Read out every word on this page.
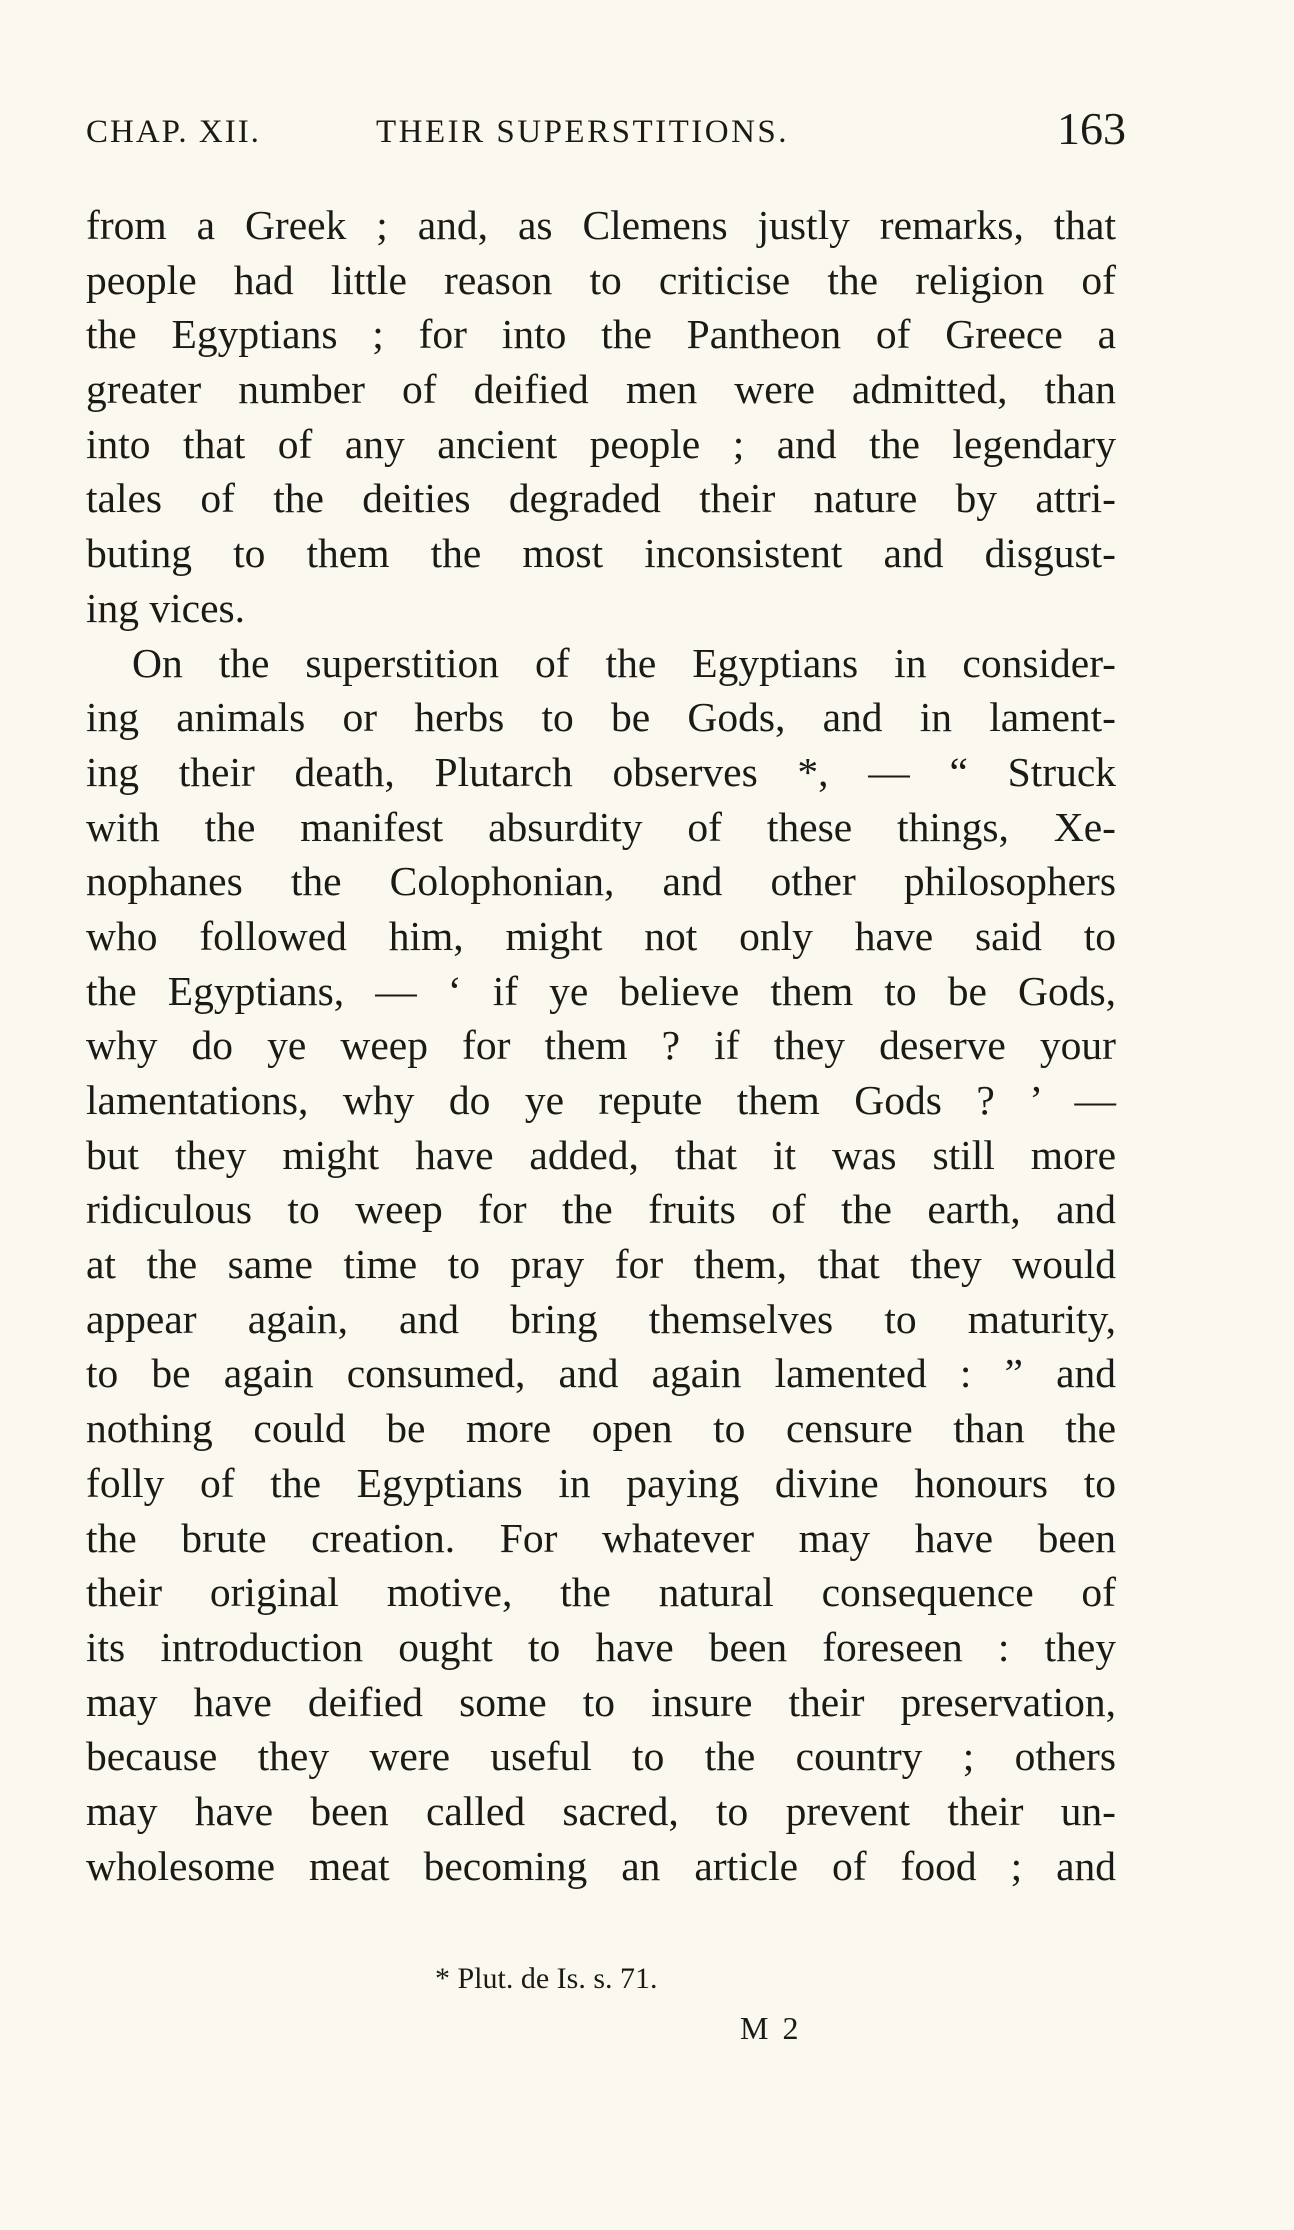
CHAP. XII.	THEIR SUPERSTITIONS.	163
from a Greek ; and, as Clemens justly remarks, that
people had little reason to criticise the religion of
the Egyptians ; for into the Pantheon of Greece a
greater number of deified men were admitted, than
into that of any ancient people ; and the legendary
tales of the deities degraded their nature by attri-
buting to them the most inconsistent and disgust-
ing vices.
On the superstition of the Egyptians in consider-
ing animals or herbs to be Gods, and in lament-
ing their death, Plutarch observes *, — “ Struck
with the manifest absurdity of these things, Xe-
nophanes the Colophonian, and other philosophers
who followed him, might not only have said to
the Egyptians, — ‘ if ye believe them to be Gods,
why do ye weep for them ? if they deserve your
lamentations, why do ye repute them Gods ? ’ —
but they might have added, that it was still more
ridiculous to weep for the fruits of the earth, and
at the same time to pray for them, that they would
appear again, and bring themselves to maturity,
to be again consumed, and again lamented : ” and
nothing could be more open to censure than the
folly of the Egyptians in paying divine honours to
the brute creation. For whatever may have been
their original motive, the natural consequence of
its introduction ought to have been foreseen : they
may have deified some to insure their preservation,
because they were useful to the country ; others
may have been called sacred, to prevent their un-
wholesome meat becoming an article of food ; and
* Plut. de Is. s. 71.
M 2
